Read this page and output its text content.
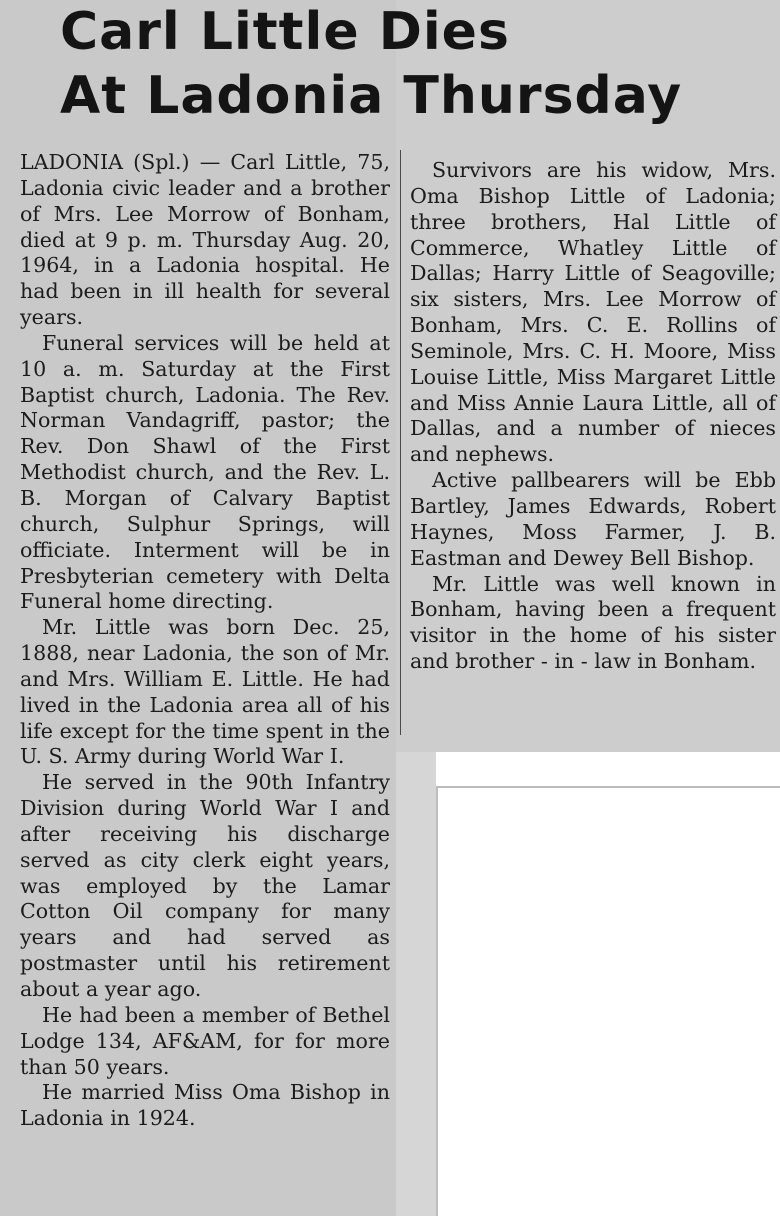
Carl Little Dies
At Ladonia Thursday

LADONIA (Spl.) — Carl Little, 75, Ladonia civic leader and a brother of Mrs. Lee Morrow of Bonham, died at 9 p. m. Thursday Aug. 20, 1964, in a Ladonia hospital. He had been in ill health for several years.

Funeral services will be held at 10 a. m. Saturday at the First Baptist church, Ladonia. The Rev. Norman Vandagriff, pastor; the Rev. Don Shawl of the First Methodist church, and the Rev. L. B. Morgan of Calvary Baptist church, Sulphur Springs, will officiate. Interment will be in Presbyterian cemetery with Delta Funeral home directing.

Mr. Little was born Dec. 25, 1888, near Ladonia, the son of Mr. and Mrs. William E. Little. He had lived in the Ladonia area all of his life except for the time spent in the U. S. Army during World War I.

He served in the 90th Infantry Division during World War I and after receiving his discharge served as city clerk eight years, was employed by the Lamar Cotton Oil company for many years and had served as postmaster until his retirement about a year ago.

He had been a member of Bethel Lodge 134, AF&AM, for for more than 50 years.

He married Miss Oma Bishop in Ladonia in 1924.

Survivors are his widow, Mrs. Oma Bishop Little of Ladonia; three brothers, Hal Little of Commerce, Whatley Little of Dallas; Harry Little of Seagoville; six sisters, Mrs. Lee Morrow of Bonham, Mrs. C. E. Rollins of Seminole, Mrs. C. H. Moore, Miss Louise Little, Miss Margaret Little and Miss Annie Laura Little, all of Dallas, and a number of nieces and nephews.

Active pallbearers will be Ebb Bartley, James Edwards, Robert Haynes, Moss Farmer, J. B. Eastman and Dewey Bell Bishop.

Mr. Little was well known in Bonham, having been a frequent visitor in the home of his sister and brother - in - law in Bonham.
